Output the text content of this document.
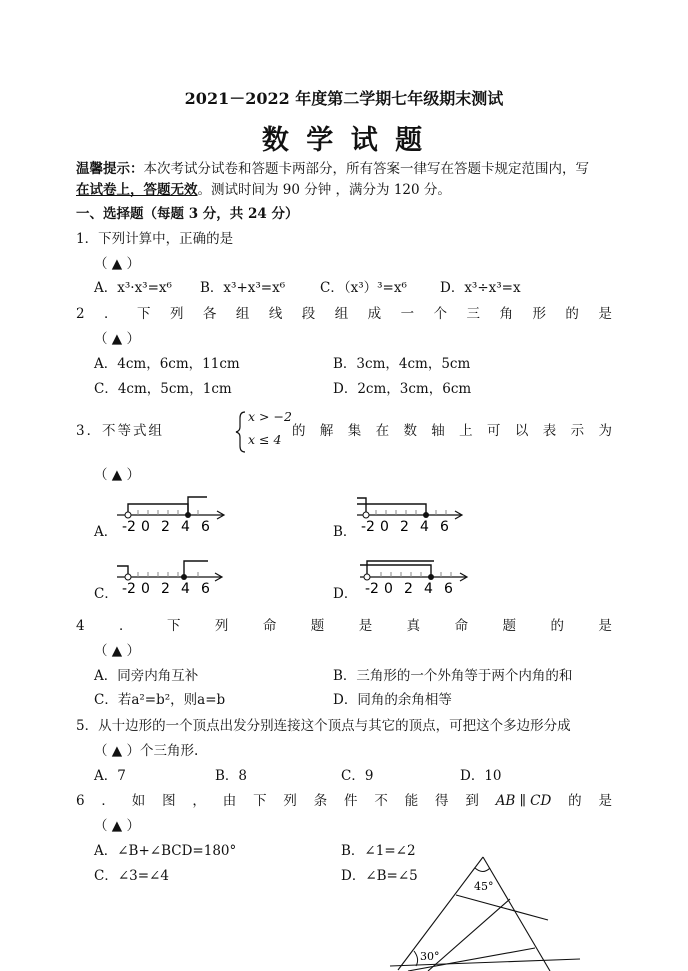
2021－2022 年度第二学期七年级期末测试
数 学 试 题
温馨提示：本次考试分试卷和答题卡两部分，所有答案一律写在答题卡规定范围内，写
在试卷上，答题无效。测试时间为 90 分钟 ，满分为 120 分。
一、选择题（每题 3 分，共 24 分）
1．下列计算中，正确的是
（ ▲ ）
A．x³·x³=x⁶ B．x³+x³=x⁶	C．（x³）³=x⁶ D．x³÷x³=x
2 ． 下 列 各 组 线 段 组 成 一 个 三 角 形 的 是
（ ▲ ）
A．4cm，6cm，11cm	B．3cm，4cm，5cm
C．4cm，5cm，1cm	D．2cm，3cm，6cm
3 ． 不 等 式 组
x > −2
x ≤ 4
的 解 集 在 数 轴 上 可 以 表 示 为
（ ▲ ）
A．	B．
C．	D．
-2 0 2 4 6	-2 0 2 4 6
-2 0 2 4 6	-2 0 2 4 6
4	．	下	列	命	题	是	真	命	题	的	是
（ ▲ ）
A．同旁内角互补	B．三角形的一个外角等于两个内角的和
C．若a²=b²，则a=b	D．同角的余角相等
5．从十边形的一个顶点出发分别连接这个顶点与其它的顶点，可把这个多边形分成
（ ▲ ）个三角形.
A．7	B．8	C．9	D．10
6 ． 如 图 ， 由 下 列 条 件 不 能 得 到 AB ∥ CD 的 是
（ ▲ ）
A．∠B+∠BCD=180°	B．∠1=∠2
C．∠3=∠4	D．∠B=∠5
45°
30°
